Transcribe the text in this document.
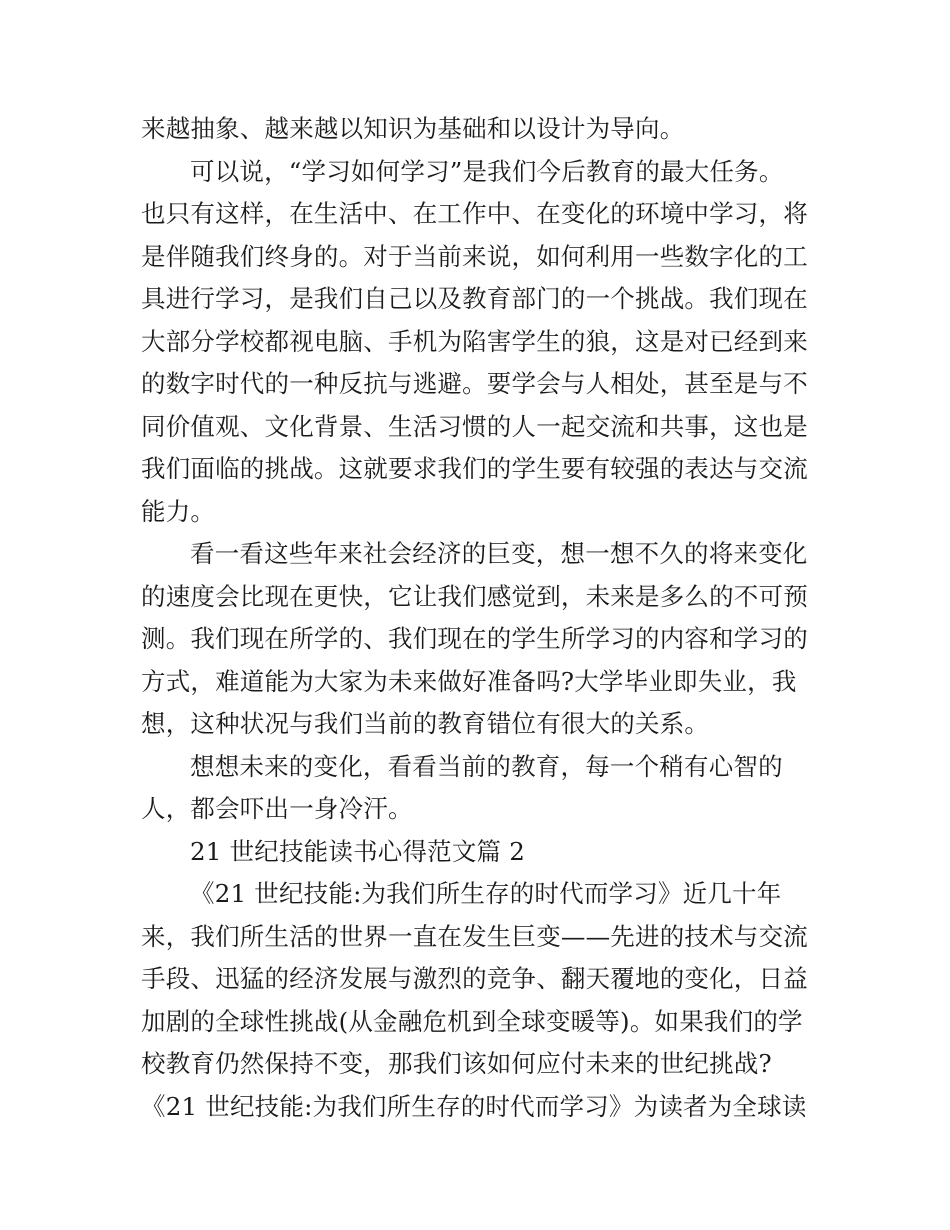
来越抽象、越来越以知识为基础和以设计为导向。
可以说，“学习如何学习”是我们今后教育的最大任务。
也只有这样，在生活中、在工作中、在变化的环境中学习，将
是伴随我们终身的。对于当前来说，如何利用一些数字化的工
具进行学习，是我们自己以及教育部门的一个挑战。我们现在
大部分学校都视电脑、手机为陷害学生的狼，这是对已经到来
的数字时代的一种反抗与逃避。要学会与人相处，甚至是与不
同价值观、文化背景、生活习惯的人一起交流和共事，这也是
我们面临的挑战。这就要求我们的学生要有较强的表达与交流
能力。
看一看这些年来社会经济的巨变，想一想不久的将来变化
的速度会比现在更快，它让我们感觉到，未来是多么的不可预
测。我们现在所学的、我们现在的学生所学习的内容和学习的
方式，难道能为大家为未来做好准备吗?大学毕业即失业，我
想，这种状况与我们当前的教育错位有很大的关系。
想想未来的变化，看看当前的教育，每一个稍有心智的
人，都会吓出一身冷汗。
21 世纪技能读书心得范文篇 2
《21 世纪技能:为我们所生存的时代而学习》近几十年
来，我们所生活的世界一直在发生巨变——先进的技术与交流
手段、迅猛的经济发展与激烈的竞争、翻天覆地的变化，日益
加剧的全球性挑战(从金融危机到全球变暖等)。如果我们的学
校教育仍然保持不变，那我们该如何应付未来的世纪挑战?
《21 世纪技能:为我们所生存的时代而学习》为读者为全球读
